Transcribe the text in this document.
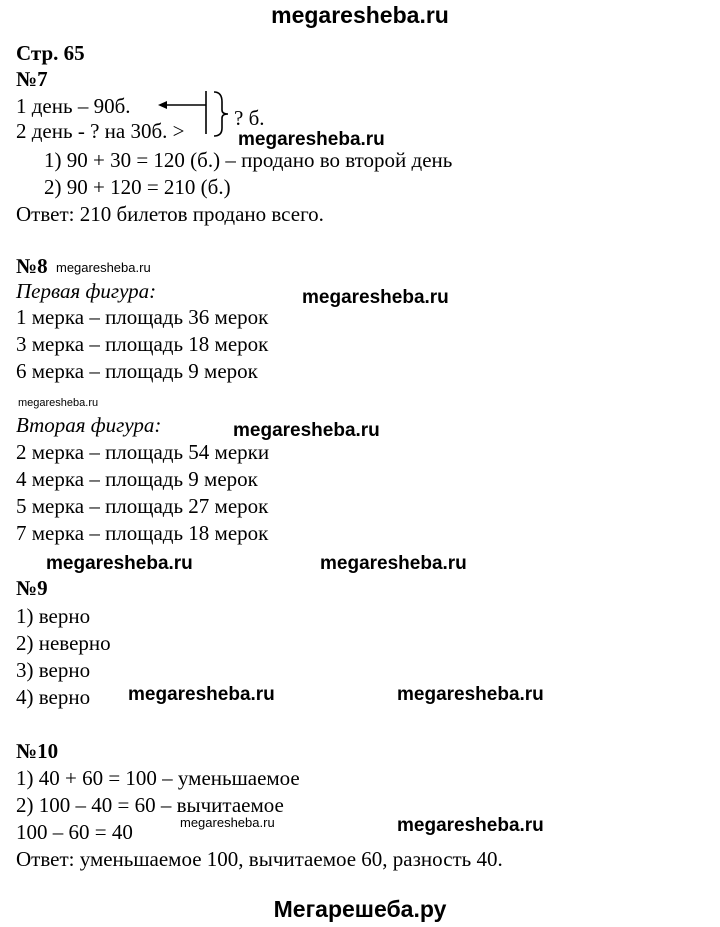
megaresheba.ru
Стр. 65
№7
1 день – 90б.
2 день - ? на 30б. >
? б.
megaresheba.ru
1) 90 + 30 = 120 (б.) – продано во второй день
2) 90 + 120 = 210 (б.)
Ответ: 210 билетов продано всего.
№8 megaresheba.ru
Первая фигура:	megaresheba.ru
1 мерка – площадь 36 мерок
3 мерка – площадь 18 мерок
6 мерка – площадь 9 мерок
megaresheba.ru
Вторая фигура:	megaresheba.ru
2 мерка – площадь 54 мерки
4 мерка – площадь 9 мерок
5 мерка – площадь 27 мерок
7 мерка – площадь 18 мерок
megaresheba.ru	megaresheba.ru
№9
1) верно
2) неверно
3) верно
4) верно megaresheba.ru	megaresheba.ru
№10
1) 40 + 60 = 100 – уменьшаемое
2) 100 – 40 = 60 – вычитаемое
100 – 60 = 40	megaresheba.ru	megaresheba.ru
Ответ: уменьшаемое 100, вычитаемое 60, разность 40.
Мегарешеба.ру
